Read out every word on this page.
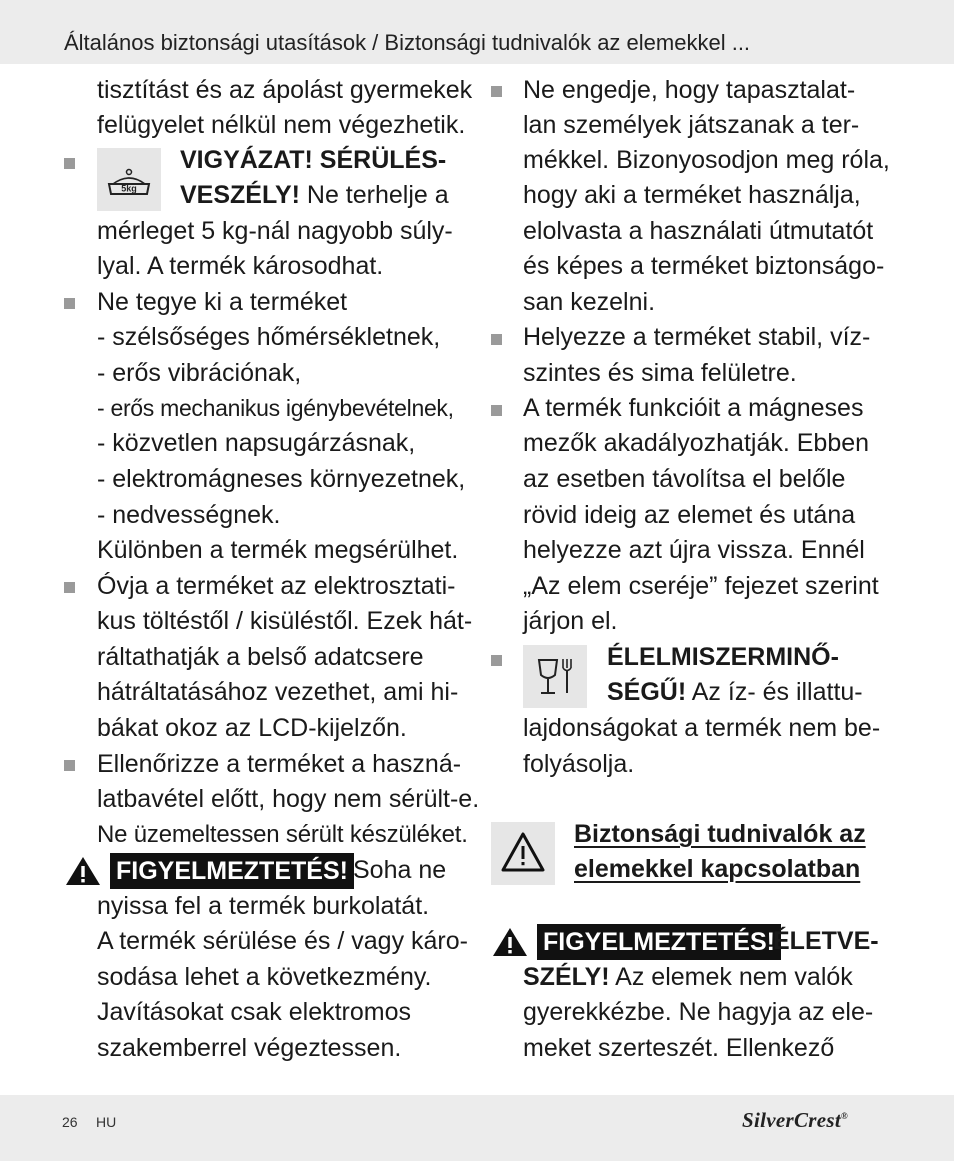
Általános biztonsági utasítások / Biztonsági tudnivalók az elemekkel ...
tisztítást és az ápolást gyermekek
felügyelet nélkül nem végezhetik.
5kg
VIGYÁZAT! SÉRÜLÉS-
VESZÉLY! Ne terhelje a
mérleget 5 kg-nál nagyobb súly-
lyal. A termék károsodhat.
Ne tegye ki a terméket
- szélsőséges hőmérsékletnek,
- erős vibrációnak,
- erős mechanikus igénybevételnek,
- közvetlen napsugárzásnak,
- elektromágneses környezetnek,
- nedvességnek.
Különben a termék megsérülhet.
Óvja a terméket az elektrosztati-
kus töltéstől / kisüléstől. Ezek hát-
ráltathatják a belső adatcsere
hátráltatásához vezethet, ami hi-
bákat okoz az LCD-kijelzőn.
Ellenőrizze a terméket a haszná-
latbavétel előtt, hogy nem sérült-e.
Ne üzemeltessen sérült készüléket.
FIGYELMEZTETÉS! Soha ne
nyissa fel a termék burkolatát.
A termék sérülése és / vagy káro-
sodása lehet a következmény.
Javításokat csak elektromos
szakemberrel végeztessen.
Ne engedje, hogy tapasztalat-
lan személyek játszanak a ter-
mékkel. Bizonyosodjon meg róla,
hogy aki a terméket használja,
elolvasta a használati útmutatót
és képes a terméket biztonságo-
san kezelni.
Helyezze a terméket stabil, víz-
szintes és sima felületre.
A termék funkcióit a mágneses
mezők akadályozhatják. Ebben
az esetben távolítsa el belőle
rövid ideig az elemet és utána
helyezze azt újra vissza. Ennél
„Az elem cseréje” fejezet szerint
járjon el.
ÉLELMISZERMINŐ-
SÉGŰ! Az íz- és illattu-
lajdonságokat a termék nem be-
folyásolja.
Biztonsági tudnivalók az
elemekkel kapcsolatban
FIGYELMEZTETÉS!
ÉLETVE-
SZÉLY! Az elemek nem valók
gyerekkézbe. Ne hagyja az ele-
meket szerteszét. Ellenkező
26 HU	SilverCrest®
